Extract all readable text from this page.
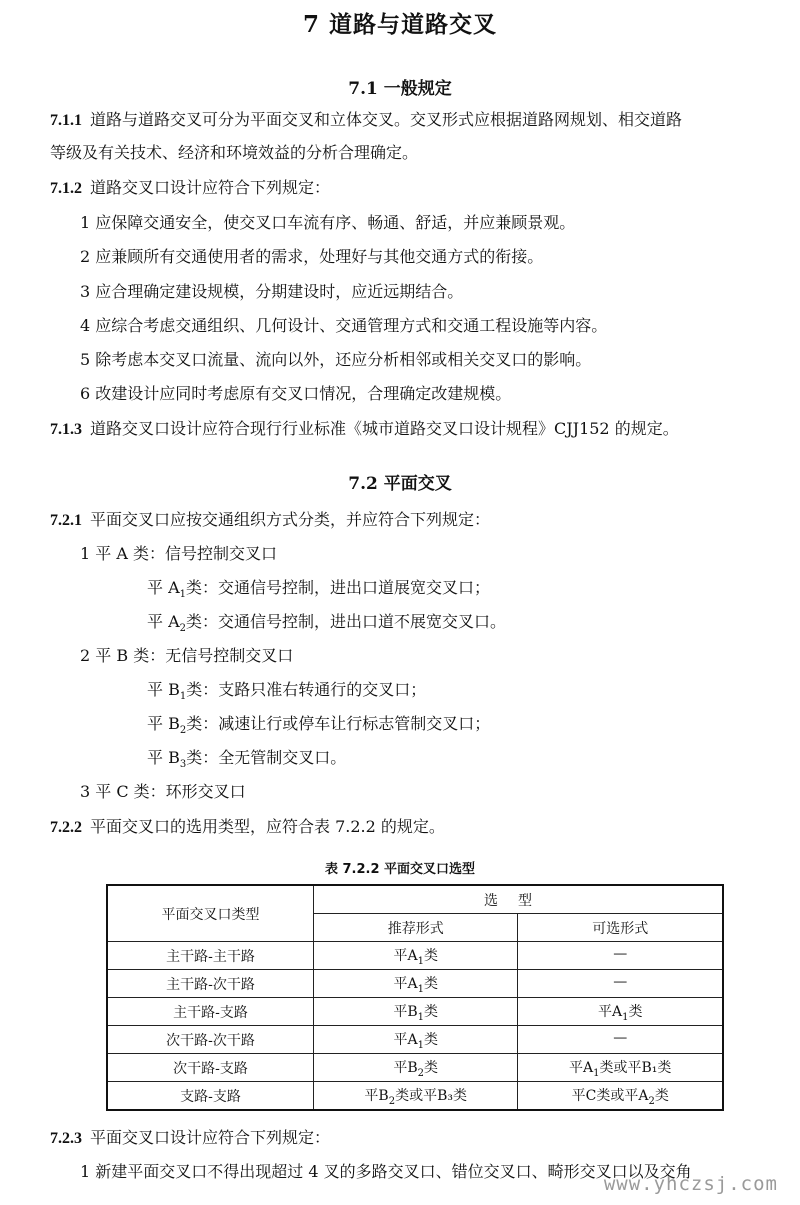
7 道路与道路交叉
7.1 一般规定
7.1.1 道路与道路交叉可分为平面交叉和立体交叉。交叉形式应根据道路网规划、相交道路
等级及有关技术、经济和环境效益的分析合理确定。
7.1.2 道路交叉口设计应符合下列规定：
1 应保障交通安全，使交叉口车流有序、畅通、舒适，并应兼顾景观。
2 应兼顾所有交通使用者的需求，处理好与其他交通方式的衔接。
3 应合理确定建设规模，分期建设时，应近远期结合。
4 应综合考虑交通组织、几何设计、交通管理方式和交通工程设施等内容。
5 除考虑本交叉口流量、流向以外，还应分析相邻或相关交叉口的影响。
6 改建设计应同时考虑原有交叉口情况，合理确定改建规模。
7.1.3 道路交叉口设计应符合现行行业标准《城市道路交叉口设计规程》CJJ152 的规定。
7.2 平面交叉
7.2.1 平面交叉口应按交通组织方式分类，并应符合下列规定：
1 平 A 类：信号控制交叉口
平 $A_1$类：交通信号控制，进出口道展宽交叉口；
平 $A_2$类：交通信号控制，进出口道不展宽交叉口。
2 平 B 类：无信号控制交叉口
平 $B_1$类：支路只准右转通行的交叉口；
平 $B_2$类：减速让行或停车让行标志管制交叉口；
平 $B_3$类：全无管制交叉口。
3 平 C 类：环形交叉口
7.2.2 平面交叉口的选用类型，应符合表 7.2.2 的规定。
表 7.2.2 平面交叉口选型
平面交叉口类型	选型	
	推荐形式	可选形式
主干路-主干路	平$A_1$类	—
主干路-次干路	平$A_1$类	—
主干路-支路	平$B_1$类	平$A_1$类
次干路-次干路	平$A_1$类	—
次干路-支路	平$B_2$类	平$A_1$类或平B₁类
支路-支路	平$B_2$类或平B₃类	平C类或平$A_2$类
7.2.3 平面交叉口设计应符合下列规定：
1 新建平面交叉口不得出现超过 4 叉的多路交叉口、错位交叉口、畸形交叉口以及交角
www.yhczsj.com
